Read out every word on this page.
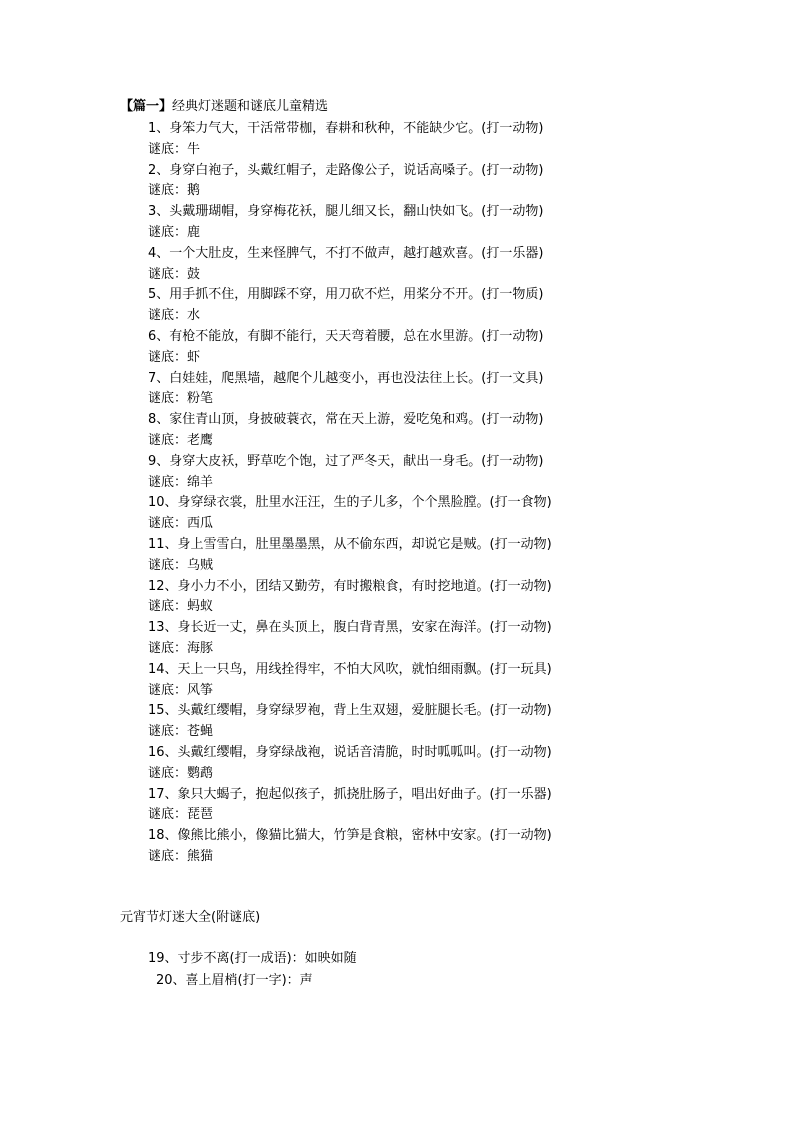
【篇一】经典灯迷题和谜底儿童精选
1、身笨力气大，干活常带枷，春耕和秋种，不能缺少它。(打一动物)
谜底：牛
2、身穿白袍子，头戴红帽子，走路像公子，说话高嗓子。(打一动物)
谜底：鹅
3、头戴珊瑚帽，身穿梅花袄，腿儿细又长，翻山快如飞。(打一动物)
谜底：鹿
4、一个大肚皮，生来怪脾气，不打不做声，越打越欢喜。(打一乐器)
谜底：鼓
5、用手抓不住，用脚踩不穿，用刀砍不烂，用桨分不开。(打一物质)
谜底：水
6、有枪不能放，有脚不能行，天天弯着腰，总在水里游。(打一动物)
谜底：虾
7、白娃娃，爬黑墙，越爬个儿越变小，再也没法往上长。(打一文具)
谜底：粉笔
8、家住青山顶，身披破蓑衣，常在天上游，爱吃兔和鸡。(打一动物)
谜底：老鹰
9、身穿大皮袄，野草吃个饱，过了严冬天，献出一身毛。(打一动物)
谜底：绵羊
10、身穿绿衣裳，肚里水汪汪，生的子儿多，个个黑脸膛。(打一食物)
谜底：西瓜
11、身上雪雪白，肚里墨墨黑，从不偷东西，却说它是贼。(打一动物)
谜底：乌贼
12、身小力不小，团结又勤劳，有时搬粮食，有时挖地道。(打一动物)
谜底：蚂蚁
13、身长近一丈，鼻在头顶上，腹白背青黑，安家在海洋。(打一动物)
谜底：海豚
14、天上一只鸟，用线拴得牢，不怕大风吹，就怕细雨飘。(打一玩具)
谜底：风筝
15、头戴红缨帽，身穿绿罗袍，背上生双翅，爱脏腿长毛。(打一动物)
谜底：苍蝇
16、头戴红缨帽，身穿绿战袍，说话音清脆，时时呱呱叫。(打一动物)
谜底：鹦鹉
17、象只大蝎子，抱起似孩子，抓挠肚肠子，唱出好曲子。(打一乐器)
谜底：琵琶
18、像熊比熊小，像猫比猫大，竹笋是食粮，密林中安家。(打一动物)
谜底：熊猫
元宵节灯迷大全(附谜底)
19、寸步不离(打一成语)：如映如随
20、喜上眉梢(打一字)：声
